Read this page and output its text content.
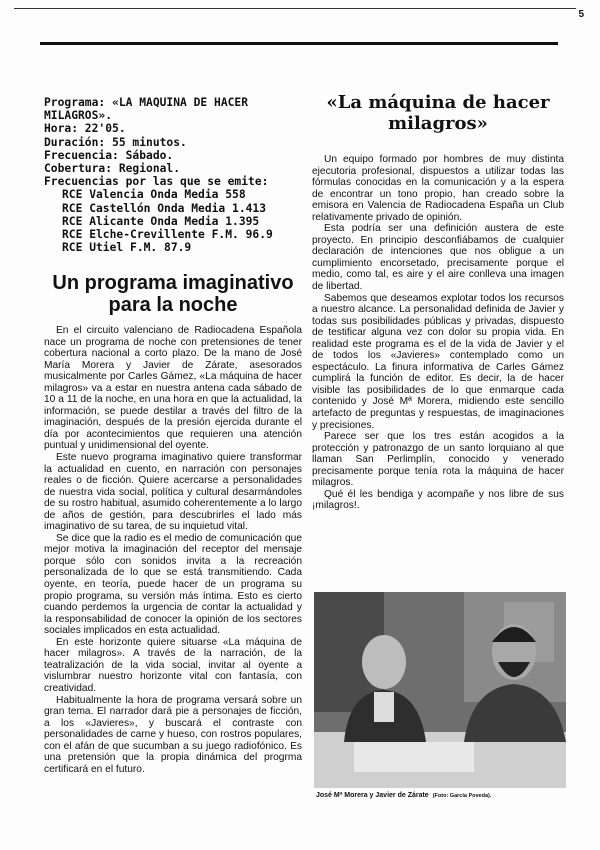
5

Programa: «LA MAQUINA DE HACER MILAGROS».

Hora: 22'05.

Duración: 55 minutos.

Frecuencia: Sábado.

Cobertura: Regional.

Frecuencias por las que se emite:

RCE Valencia Onda Media 558

RCE Castellón Onda Media 1.413

RCE Alicante Onda Media 1.395

RCE Elche-Crevillente F.M. 96.9

RCE Utiel F.M. 87.9

Un programa imaginativo para la noche

En el circuito valenciano de Radiocadena Española nace un programa de noche con pretensiones de tener cobertura nacional a corto plazo. De la mano de José María Morera y Javier de Zárate, asesorados musicalmente por Carles Gámez, «La máquina de hacer milagros» va a estar en nuestra antena cada sábado de 10 a 11 de la noche, en una hora en que la actualidad, la información, se puede destilar a través del filtro de la imaginación, después de la presión ejercida durante el día por acontecimientos que requieren una atención puntual y unidimensional del oyente.

Este nuevo programa imaginativo quiere transformar la actualidad en cuento, en narración con personajes reales o de ficción. Quiere acercarse a personalidades de nuestra vida social, política y cultural desarmándoles de su rostro habitual, asumido coherentemente a lo largo de años de gestión, para descubrirles el lado más imaginativo de su tarea, de su inquietud vital.

Se dice que la radio es el medio de comunicación que mejor motiva la imaginación del receptor del mensaje porque sólo con sonidos invita a la recreación personalizada de lo que se está transmitiendo. Cada oyente, en teoría, puede hacer de un programa su propio programa, su versión más íntima. Esto es cierto cuando perdemos la urgencia de contar la actualidad y la responsabilidad de conocer la opinión de los sectores sociales implicados en esta actualidad.

En este horizonte quiere situarse «La máquina de hacer milagros». A través de la narración, de la teatralización de la vida social, invitar al oyente a vislumbrar nuestro horizonte vital con fantasía, con creatividad.

Habitualmente la hora de programa versará sobre un gran tema. El narrador dará pie a personajes de ficción, a los «Javieres», y buscará el contraste con personalidades de carne y hueso, con rostros populares, con el afán de que sucumban a su juego radiofónico. Es una pretensión que la propia dinámica del progrma certificará en el futuro.

«La máquina de hacer milagros»

Un equipo formado por hombres de muy distinta ejecutoria profesional, dispuestos a utilizar todas las fórmulas conocidas en la comunicación y a la espera de encontrar un tono propio, han creado sobre la emisora en Valencia de Radiocadena España un Club relativamente privado de opinión.

Esta podría ser una definición austera de este proyecto. En principio desconfiábamos de cualquier declaración de intenciones que nos obligue a un cumplimiento encorsetado, precisamente porque el medio, como tal, es aire y el aire conlleva una imagen de libertad.

Sabemos que deseamos explotar todos los recursos a nuestro alcance. La personalidad definida de Javier y todas sus posibilidades públicas y privadas, dispuesto de testificar alguna vez con dolor su propia vida. En realidad este programa es el de la vida de Javier y el de todos los «Javieres» contemplado como un espectáculo. La finura informativa de Carles Gámez cumplirá la función de editor. Es decir, la de hacer visible las posibilidades de lo que enmarque cada contenido y José Mª Morera, midiendo este sencillo artefacto de preguntas y respuestas, de imaginaciones y precisiones.

Parece ser que los tres están acogidos a la protección y patronazgo de un santo lorquiano al que llaman San Perlimplín, conocido y venerado precisamente porque tenía rota la máquina de hacer milagros.

Qué él les bendiga y acompañe y nos libre de sus ¡milagros!.

José Mª Morera y Javier de Zárate (Foto: García Poveda).
